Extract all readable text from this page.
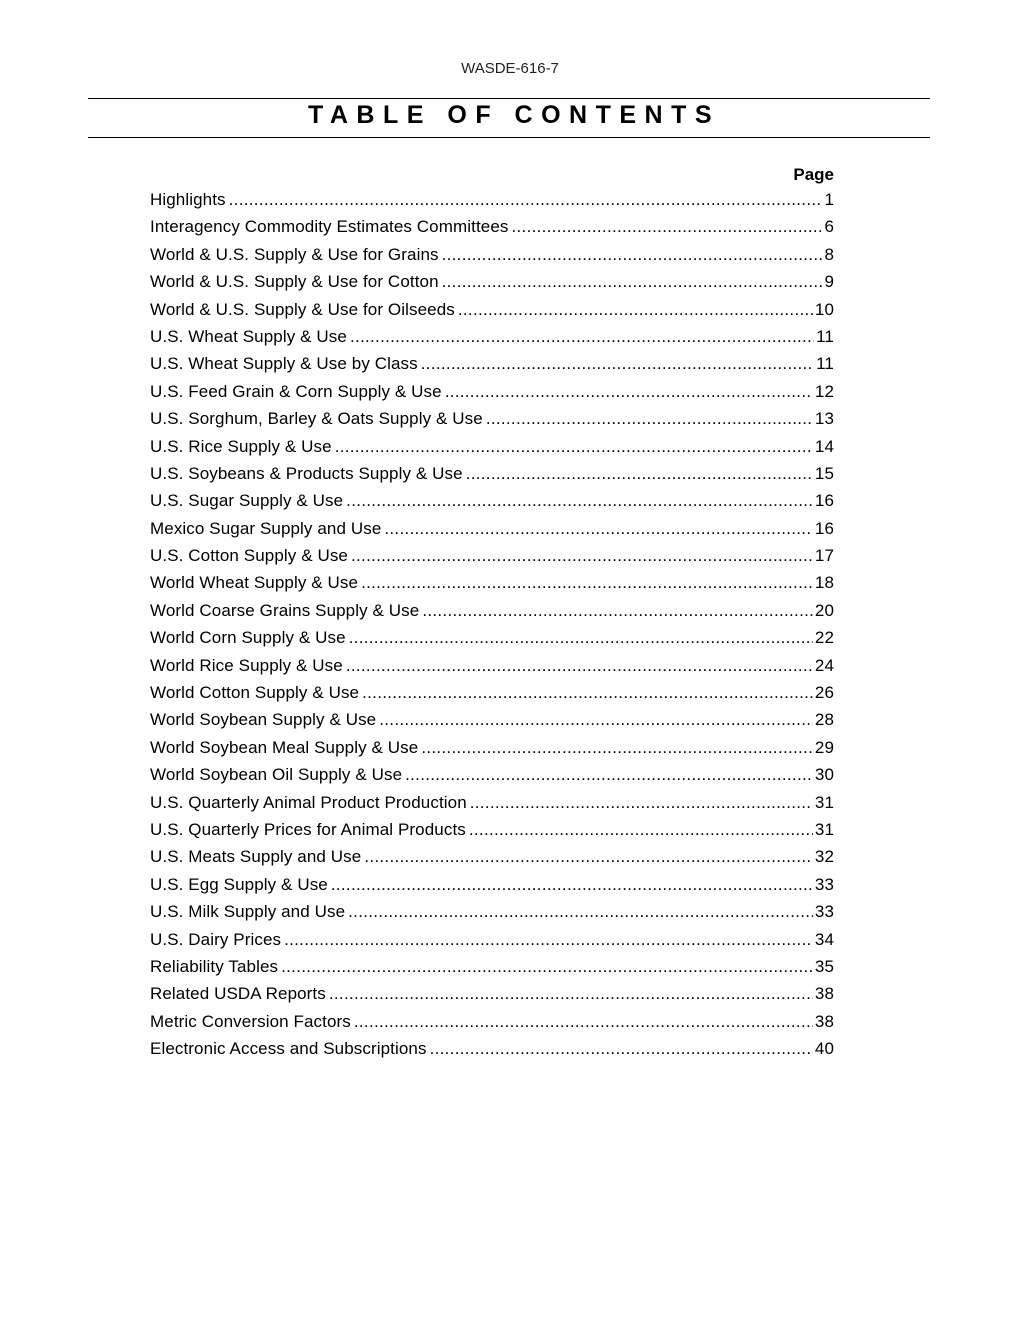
WASDE-616-7
TABLE OF CONTENTS
Page
Highlights .....	1
Interagency Commodity Estimates Committees .....	6
World & U.S. Supply & Use for Grains .....	8
World & U.S. Supply & Use for Cotton .....	9
World & U.S. Supply & Use for Oilseeds .....	10
U.S. Wheat Supply & Use .....	11
U.S. Wheat Supply & Use by Class .....	11
U.S. Feed Grain & Corn Supply & Use .....	12
U.S. Sorghum, Barley & Oats Supply & Use .....	13
U.S. Rice Supply & Use .....	14
U.S. Soybeans & Products Supply & Use .....	15
U.S. Sugar Supply & Use .....	16
Mexico Sugar Supply and Use .....	16
U.S. Cotton Supply & Use .....	17
World Wheat Supply & Use .....	18
World Coarse Grains Supply & Use .....	20
World Corn Supply & Use .....	22
World Rice Supply & Use .....	24
World Cotton Supply & Use .....	26
World Soybean Supply & Use .....	28
World Soybean Meal Supply & Use .....	29
World Soybean Oil Supply & Use .....	30
U.S. Quarterly Animal Product Production .....	31
U.S. Quarterly Prices for Animal Products .....	31
U.S. Meats Supply and Use .....	32
U.S. Egg Supply & Use .....	33
U.S. Milk Supply and Use .....	33
U.S. Dairy Prices .....	34
Reliability Tables .....	35
Related USDA Reports .....	38
Metric Conversion Factors .....	38
Electronic Access and Subscriptions .....	40
